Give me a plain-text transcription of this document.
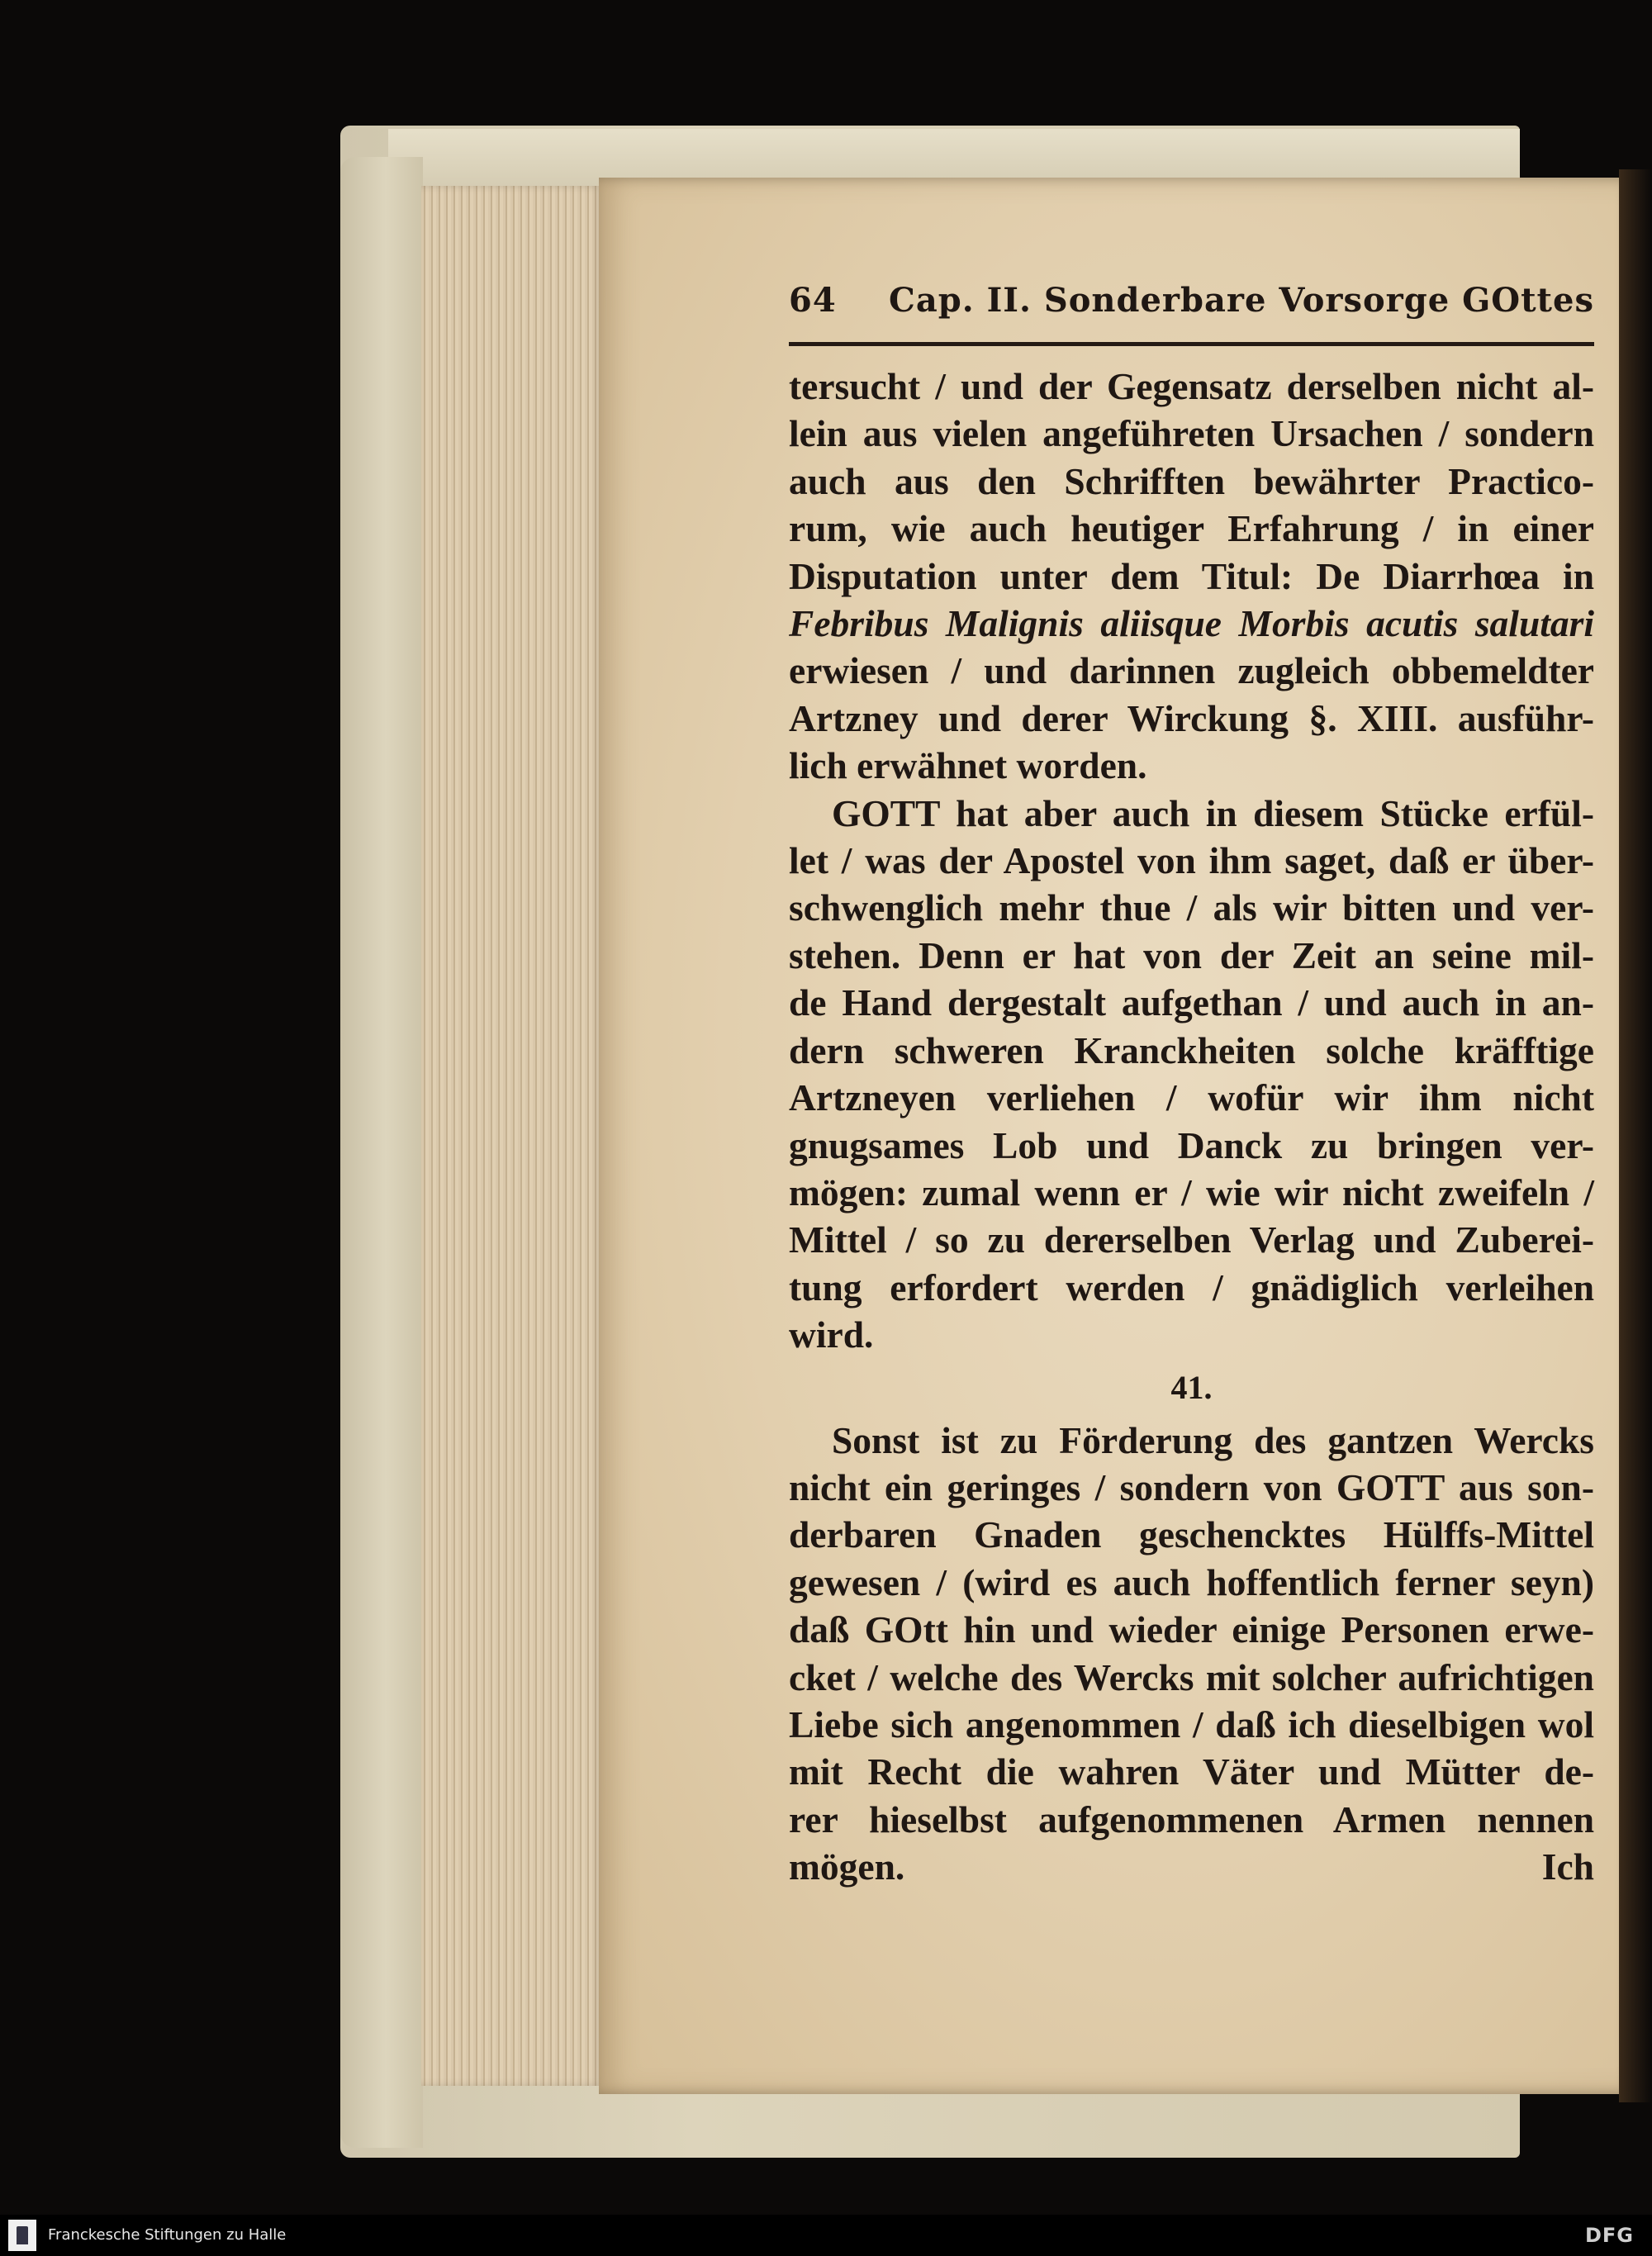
64 Cap. II. Sonderbare Vorsorge GOttes
tersucht / und der Gegensatz derselben nicht al-
lein aus vielen angeführeten Ursachen / sondern
auch aus den Schrifften bewährter Practico-
rum, wie auch heutiger Erfahrung / in einer
Disputation unter dem Titul: De Diarrhœa in
Febribus Malignis aliisque Morbis acutis salutari
erwiesen / und darinnen zugleich obbemeldter
Artzney und derer Wirckung §. XIII. ausführ-
lich erwähnet worden.
GOTT hat aber auch in diesem Stücke erfül-
let / was der Apostel von ihm saget, daß er über-
schwenglich mehr thue / als wir bitten und ver-
stehen. Denn er hat von der Zeit an seine mil-
de Hand dergestalt aufgethan / und auch in an-
dern schweren Kranckheiten solche kräfftige
Artzneyen verliehen / wofür wir ihm nicht
gnugsames Lob und Danck zu bringen ver-
mögen: zumal wenn er / wie wir nicht zweifeln /
Mittel / so zu dererselben Verlag und Zuberei-
tung erfordert werden / gnädiglich verleihen
wird.
41.
Sonst ist zu Förderung des gantzen Wercks
nicht ein geringes / sondern von GOTT aus son-
derbaren Gnaden geschencktes Hülffs-Mittel
gewesen / (wird es auch hoffentlich ferner seyn)
daß GOtt hin und wieder einige Personen erwe-
cket / welche des Wercks mit solcher aufrichtigen
Liebe sich angenommen / daß ich dieselbigen wol
mit Recht die wahren Väter und Mütter de-
rer hieselbst aufgenommenen Armen nennen
mögen.	Ich
Franckesche Stiftungen zu Halle	DFG
